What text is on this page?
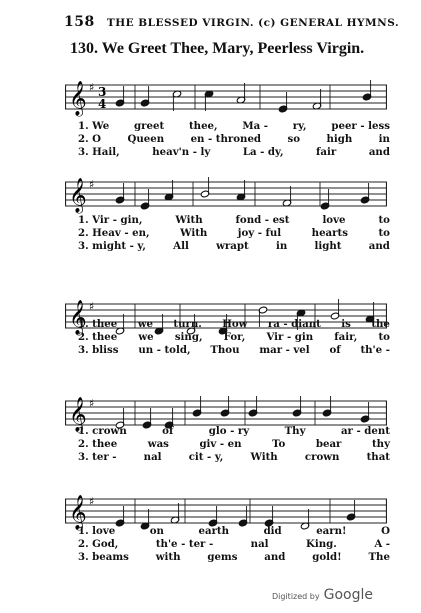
158 THE BLESSED VIRGIN. (c) GENERAL HYMNS.
130. We Greet Thee, Mary, Peerless Virgin.
𝄞 ♯ 3
4
𝄞 ♯
𝄞 ♯
𝄞 ♯
𝄞 ♯
Digitized by Google
1. We greet thee, Ma - ry, peer - less
2. O	Queen	en - throned	so	high	in
3. Hail,	heav'n - ly	La - dy,	fair	and
1. Vir - gin,	With	fond - est	love	to
2. Heav - en,	With	joy - ful	hearts	to
3. might - y,	All	wrapt	in	light	and
1. thee we turn. How ra - diant is the
2. thee we sing, For, Vir - gin fair, to
3. bliss un - told, Thou mar - vel of th'e -
1. crown	of	glo - ry	Thy	ar - dent
2. thee	was	giv - en	To	bear	thy
3. ter -	nal	cit - y,	With	crown	that
1. love	on	earth	did	earn!	O
2. God,	th'e - ter -	nal	King.	A -
3. beams	with	gems	and	gold!	The
